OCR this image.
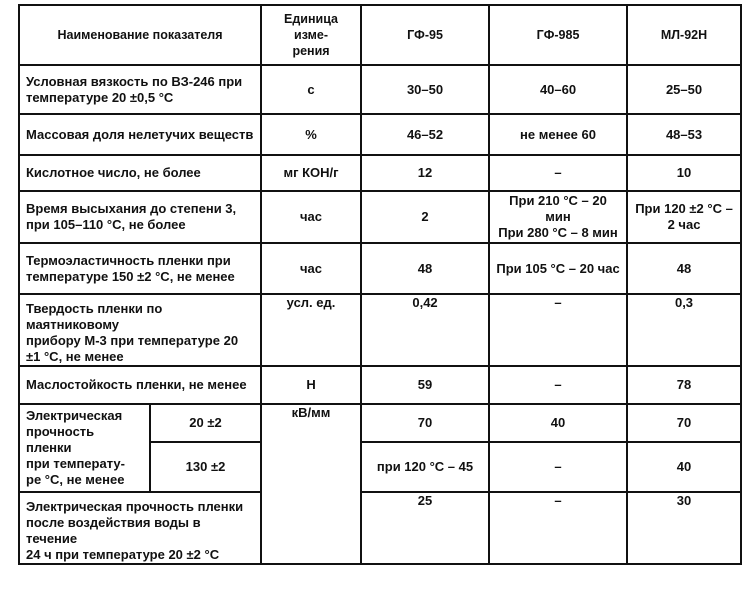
Наименование показателя		Единица изме-
рения	ГФ-95	ГФ-985	МЛ-92Н
Условная вязкость по ВЗ-246 при
температуре 20 ±0,5 °С		с	30–50	40–60	25–50
Массовая доля нелетучих веществ		%	46–52	не менее 60	48–53
Кислотное число, не более		мг КОН/г	12	–	10
Время высыхания до степени 3,
при 105–110 °С, не более		час	2	При 210 °С – 20 мин
При 280 °С – 8 мин	При 120 ±2 °С –
2 час
Термоэластичность пленки при
температуре 150 ±2 °С, не менее		час	48	При 105 °С – 20 час	48
Твердость пленки по маятниковому
прибору М-3 при температуре 20
±1 °С, не менее		усл. ед.	0,42	–	0,3
Маслостойкость пленки, не менее		Н	59	–	78
Электрическая
прочность пленки
при температу-
ре °С, не менее	20 ±2	кВ/мм	70	40	70
	130 ±2		при 120 °С – 45	–	40
Электрическая прочность пленки
после воздействия воды в течение
24 ч при температуре 20 ±2 °С			25	–	30
